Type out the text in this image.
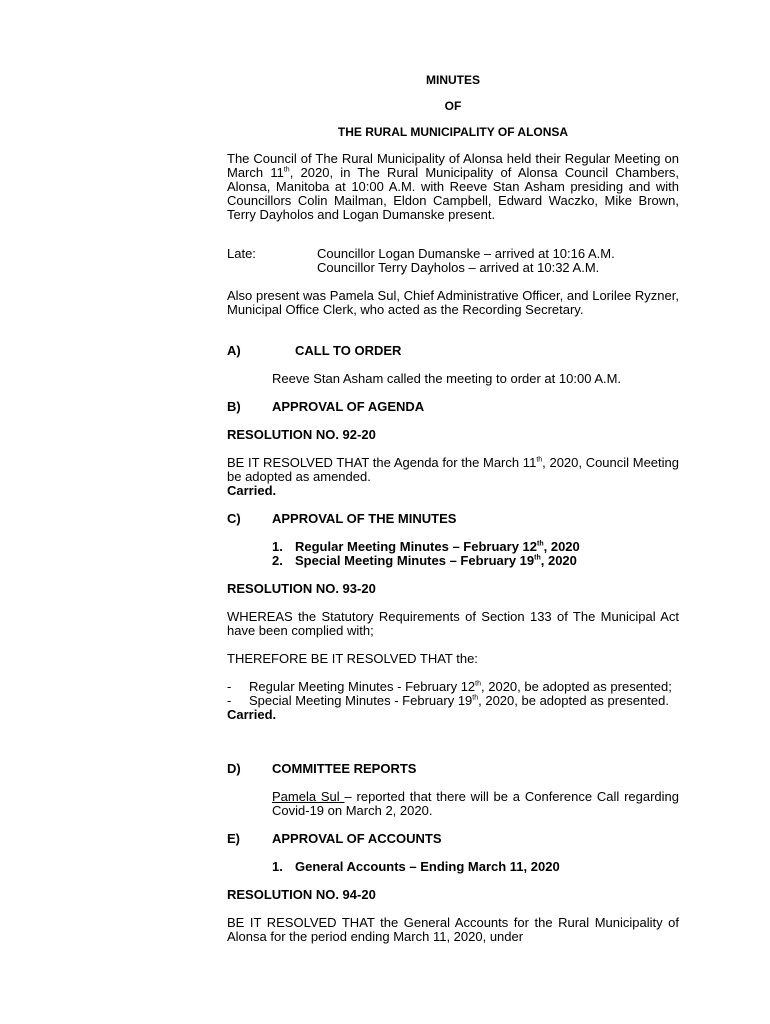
MINUTES
OF
THE RURAL MUNICIPALITY OF ALONSA
The Council of The Rural Municipality of Alonsa held their Regular Meeting on March 11th, 2020, in The Rural Municipality of Alonsa Council Chambers, Alonsa, Manitoba at 10:00 A.M. with Reeve Stan Asham presiding and with Councillors Colin Mailman, Eldon Campbell, Edward Waczko, Mike Brown, Terry Dayholos and Logan Dumanske present.
Late:	Councillor Logan Dumanske – arrived at 10:16 A.M.
Councillor Terry Dayholos – arrived at 10:32 A.M.
Also present was Pamela Sul, Chief Administrative Officer, and Lorilee Ryzner, Municipal Office Clerk, who acted as the Recording Secretary.
A)	CALL TO ORDER
Reeve Stan Asham called the meeting to order at 10:00 A.M.
B) APPROVAL OF AGENDA
RESOLUTION NO. 92-20
BE IT RESOLVED THAT the Agenda for the March 11th, 2020, Council Meeting be adopted as amended.
Carried.
C) APPROVAL OF THE MINUTES
1. Regular Meeting Minutes – February 12th, 2020
2. Special Meeting Minutes – February 19th, 2020
RESOLUTION NO. 93-20
WHEREAS the Statutory Requirements of Section 133 of The Municipal Act have been complied with;
THEREFORE BE IT RESOLVED THAT the:
-	Regular Meeting Minutes - February 12th, 2020, be adopted as presented;
-	Special Meeting Minutes - February 19th, 2020, be adopted as presented.
Carried.
D) COMMITTEE REPORTS
Pamela Sul – reported that there will be a Conference Call regarding Covid-19 on March 2, 2020.
E) APPROVAL OF ACCOUNTS
1. General Accounts – Ending March 11, 2020
RESOLUTION NO. 94-20
BE IT RESOLVED THAT the General Accounts for the Rural Municipality of Alonsa for the period ending March 11, 2020, under
